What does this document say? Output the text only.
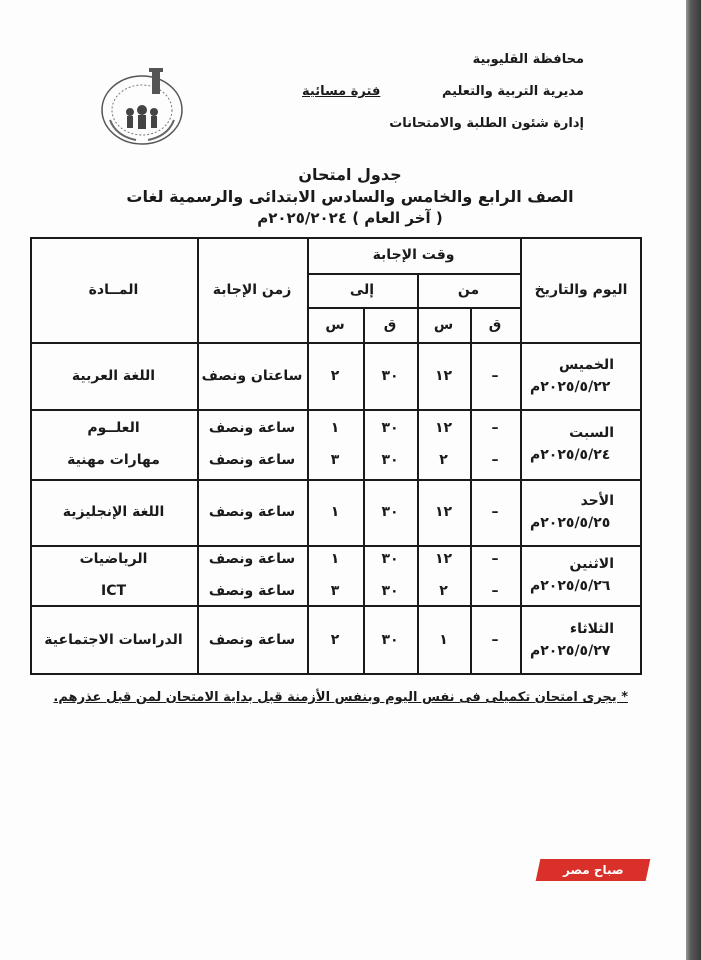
محافظة القليوبية
مديرية التربية والتعليم
إدارة شئون الطلبة والامتحانات
فترة مسائية
جدول امتحان
الصف الرابع والخامس والسادس الابتدائى والرسمية لغات
( آخر العام ) ٢٠٢٥/٢٠٢٤م
اليوم والتاريخ
وقت الإجابة
من
إلى
ق
س
ق
س
زمن الإجابة
المــادة
الخميس
٢٠٢٥/٥/٢٢م
–
١٢
٣٠
٢
ساعتان ونصف
اللغة العربية
السبت
٢٠٢٥/٥/٢٤م
–
١٢
٣٠
١
ساعة ونصف
العلــوم
–
٢
٣٠
٣
ساعة ونصف
مهارات مهنية
الأحد
٢٠٢٥/٥/٢٥م
–
١٢
٣٠
١
ساعة ونصف
اللغة الإنجليزية
الاثنين
٢٠٢٥/٥/٢٦م
–
١٢
٣٠
١
ساعة ونصف
الرياضيات
–
٢
٣٠
٣
ساعة ونصف
ICT
الثلاثاء
٢٠٢٥/٥/٢٧م
–
١
٣٠
٢
ساعة ونصف
الدراسات الاجتماعية
* يجرى امتحان تكميلى فى نفس اليوم وبنفس الأزمنة قبل بداية الامتحان لمن قبل عذرهم.
صباح مصر
